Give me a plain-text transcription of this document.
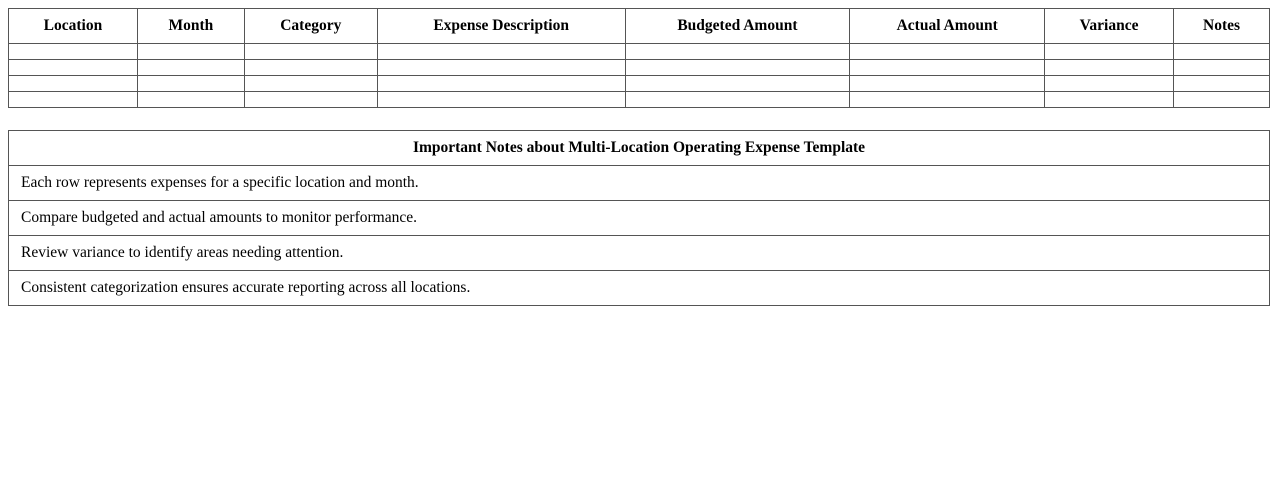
Location	Month	Category	Expense Description	Budgeted Amount	Actual Amount	Variance	Notes

Important Notes about Multi-Location Operating Expense Template
Each row represents expenses for a specific location and month.
Compare budgeted and actual amounts to monitor performance.
Review variance to identify areas needing attention.
Consistent categorization ensures accurate reporting across all locations.
